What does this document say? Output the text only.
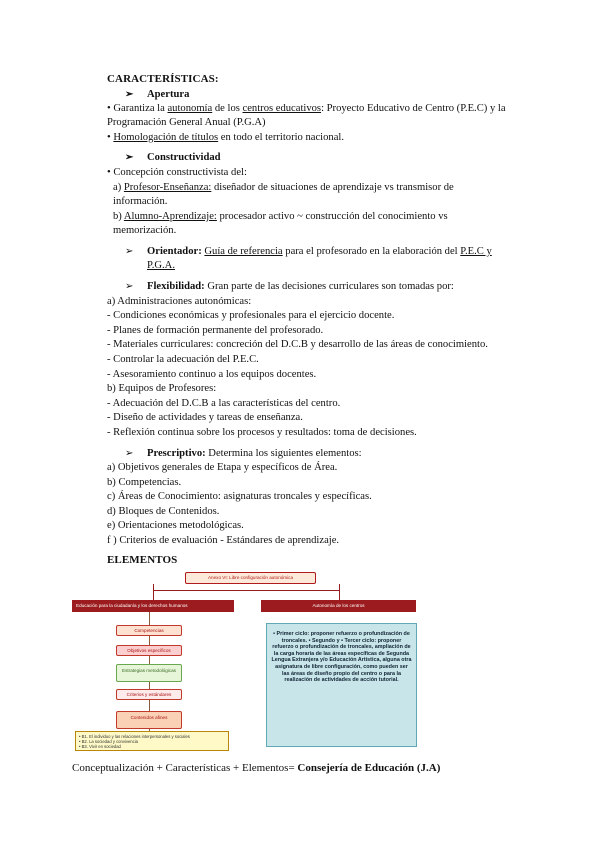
CARACTERÍSTICAS:
➢ Apertura
• Garantiza la autonomía de los centros educativos: Proyecto Educativo de Centro (P.E.C) y la
Programación General Anual (P.G.A)
• Homologación de títulos en todo el territorio nacional.
➢ Constructividad
• Concepción constructivista del:
a) Profesor-Enseñanza: diseñador de situaciones de aprendizaje vs transmisor de
información.
b) Alumno-Aprendizaje: procesador activo ~ construcción del conocimiento vs
memorización.
➢ Orientador: Guía de referencia para el profesorado en la elaboración del P.E.C y
P.G.A.
➢ Flexibilidad: Gran parte de las decisiones curriculares son tomadas por:
a) Administraciones autonómicas:
- Condiciones económicas y profesionales para el ejercicio docente.
- Planes de formación permanente del profesorado.
- Materiales curriculares: concreción del D.C.B y desarrollo de las áreas de conocimiento.
- Controlar la adecuación del P.E.C.
- Asesoramiento continuo a los equipos docentes.
b) Equipos de Profesores:
- Adecuación del D.C.B a las características del centro.
- Diseño de actividades y tareas de enseñanza.
- Reflexión continua sobre los procesos y resultados: toma de decisiones.
➢ Prescriptivo: Determina los siguientes elementos:
a) Objetivos generales de Etapa y específicos de Área.
b) Competencias.
c) Áreas de Conocimiento: asignaturas troncales y específicas.
d) Bloques de Contenidos.
e) Orientaciones metodológicas.
f ) Criterios de evaluación - Estándares de aprendizaje.
ELEMENTOS
Anexo VI: Libre configuración autonómica
Educación para la ciudadanía y los derechos humanos	Autonomía de los centros
Competencias
Objetivos específicos
Estrategias metodológicas
Criterios y estándares
Contenidos afines
• B1. El individuo y las relaciones interpersonales y sociales
• B2. La sociedad y convivencia
• B3. Vivir en sociedad
• Primer ciclo: proponer refuerzo o profundización de troncales. • Segundo y • Tercer ciclo: proponer refuerzo o profundización de troncales, ampliación de la carga horaria de las áreas específicas de Segunda Lengua Extranjera y/o Educación Artística, alguna otra asignatura de libre configuración, como pueden ser las áreas de diseño propio del centro o para la realización de actividades de acción tutorial.
Conceptualización + Características + Elementos= Consejería de Educación (J.A)
